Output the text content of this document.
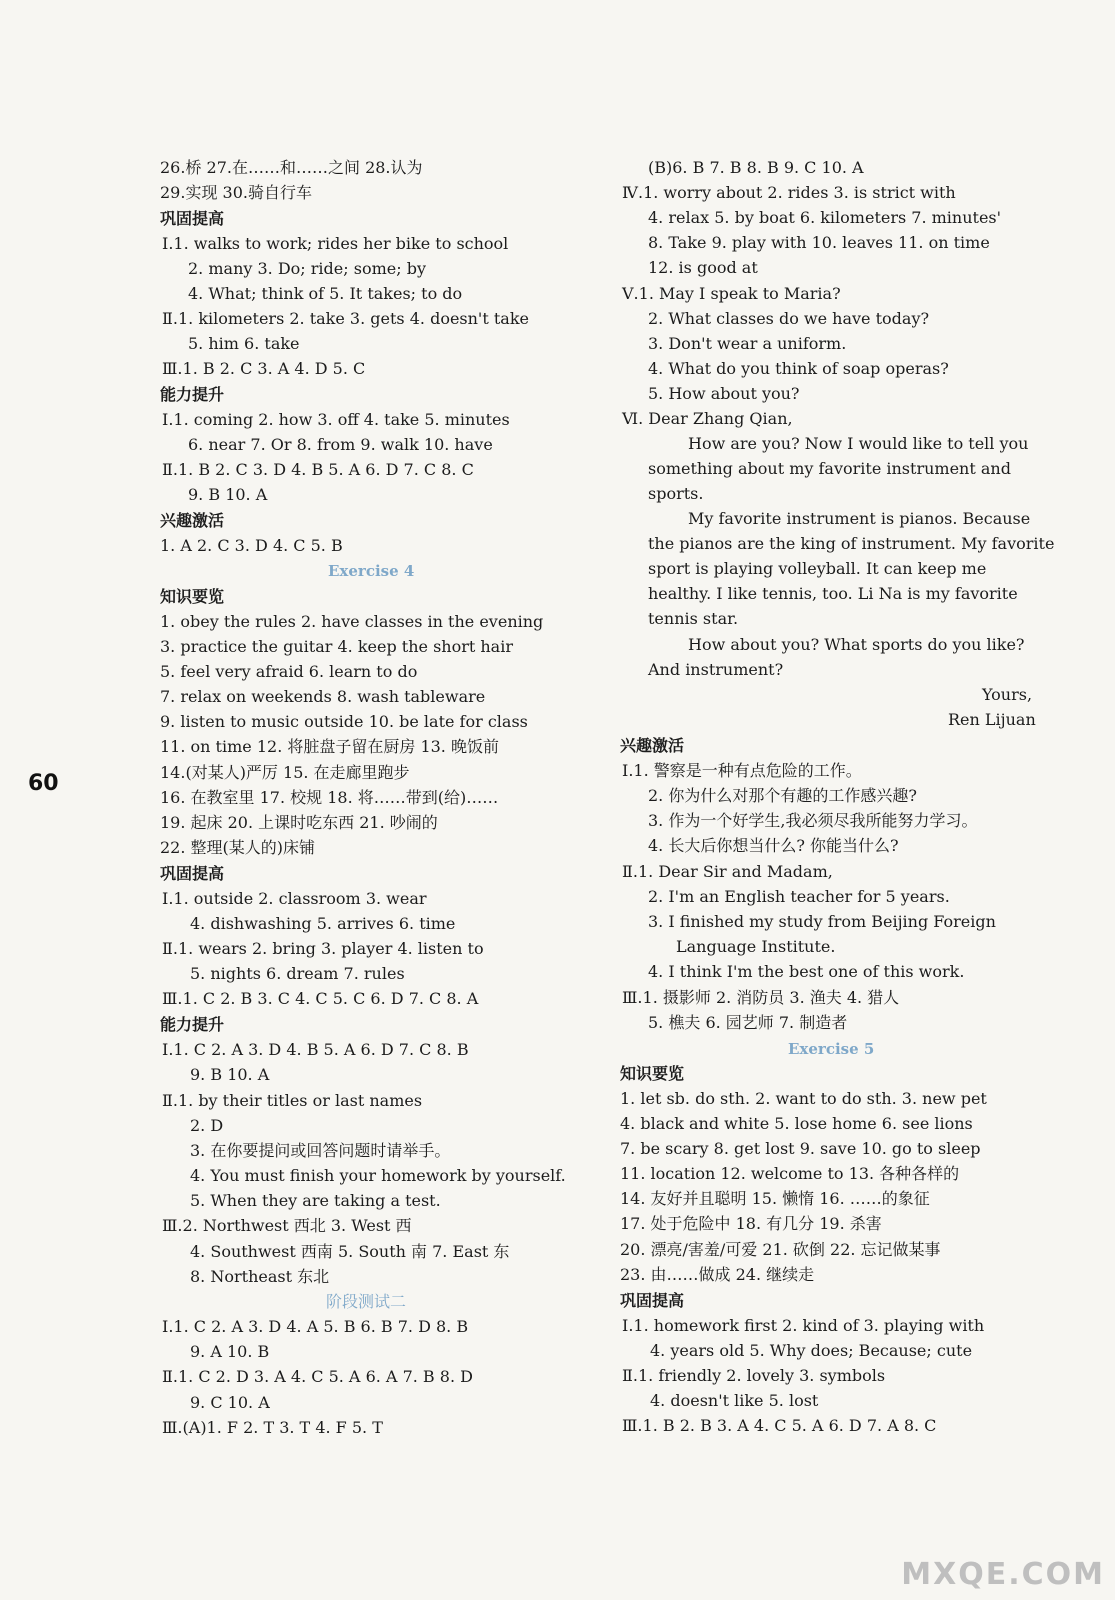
26.桥 27.在……和……之间 28.认为
29.实现 30.骑自行车
巩固提高
Ⅰ.1. walks to work; rides her bike to school
2. many 3. Do; ride; some; by
4. What; think of 5. It takes; to do
Ⅱ.1. kilometers 2. take 3. gets 4. doesn't take
5. him 6. take
Ⅲ.1. B 2. C 3. A 4. D 5. C
能力提升
Ⅰ.1. coming 2. how 3. off 4. take 5. minutes
6. near 7. Or 8. from 9. walk 10. have
Ⅱ.1. B 2. C 3. D 4. B 5. A 6. D 7. C 8. C
9. B 10. A
兴趣激活
1. A 2. C 3. D 4. C 5. B
Exercise 4
知识要览
1. obey the rules 2. have classes in the evening
3. practice the guitar 4. keep the short hair
5. feel very afraid 6. learn to do
7. relax on weekends 8. wash tableware
9. listen to music outside 10. be late for class
11. on time 12. 将脏盘子留在厨房 13. 晚饭前
14.(对某人)严厉 15. 在走廊里跑步
16. 在教室里 17. 校规 18. 将……带到(给)……
19. 起床 20. 上课时吃东西 21. 吵闹的
22. 整理(某人的)床铺
巩固提高
Ⅰ.1. outside 2. classroom 3. wear
4. dishwashing 5. arrives 6. time
Ⅱ.1. wears 2. bring 3. player 4. listen to
5. nights 6. dream 7. rules
Ⅲ.1. C 2. B 3. C 4. C 5. C 6. D 7. C 8. A
能力提升
Ⅰ.1. C 2. A 3. D 4. B 5. A 6. D 7. C 8. B
9. B 10. A
Ⅱ.1. by their titles or last names
2. D
3. 在你要提问或回答问题时请举手。
4. You must finish your homework by yourself.
5. When they are taking a test.
Ⅲ.2. Northwest 西北 3. West 西
4. Southwest 西南 5. South 南 7. East 东
8. Northeast 东北
阶段测试二
Ⅰ.1. C 2. A 3. D 4. A 5. B 6. B 7. D 8. B
9. A 10. B
Ⅱ.1. C 2. D 3. A 4. C 5. A 6. A 7. B 8. D
9. C 10. A
Ⅲ.(A)1. F 2. T 3. T 4. F 5. T
60
(B)6. B 7. B 8. B 9. C 10. A
Ⅳ.1. worry about 2. rides 3. is strict with
4. relax 5. by boat 6. kilometers 7. minutes'
8. Take 9. play with 10. leaves 11. on time
12. is good at
Ⅴ.1. May I speak to Maria?
2. What classes do we have today?
3. Don't wear a uniform.
4. What do you think of soap operas?
5. How about you?
Ⅵ. Dear Zhang Qian,
How are you? Now I would like to tell you
something about my favorite instrument and
sports.
My favorite instrument is pianos. Because
the pianos are the king of instrument. My favorite
sport is playing volleyball. It can keep me
healthy. I like tennis, too. Li Na is my favorite
tennis star.
How about you? What sports do you like?
And instrument?
Yours,
Ren Lijuan
兴趣激活
Ⅰ.1. 警察是一种有点危险的工作。
2. 你为什么对那个有趣的工作感兴趣?
3. 作为一个好学生,我必须尽我所能努力学习。
4. 长大后你想当什么? 你能当什么?
Ⅱ.1. Dear Sir and Madam,
2. I'm an English teacher for 5 years.
3. I finished my study from Beijing Foreign
Language Institute.
4. I think I'm the best one of this work.
Ⅲ.1. 摄影师 2. 消防员 3. 渔夫 4. 猎人
5. 樵夫 6. 园艺师 7. 制造者
Exercise 5
知识要览
1. let sb. do sth. 2. want to do sth. 3. new pet
4. black and white 5. lose home 6. see lions
7. be scary 8. get lost 9. save 10. go to sleep
11. location 12. welcome to 13. 各种各样的
14. 友好并且聪明 15. 懒惰 16. ……的象征
17. 处于危险中 18. 有几分 19. 杀害
20. 漂亮/害羞/可爱 21. 砍倒 22. 忘记做某事
23. 由……做成 24. 继续走
巩固提高
Ⅰ.1. homework first 2. kind of 3. playing with
4. years old 5. Why does; Because; cute
Ⅱ.1. friendly 2. lovely 3. symbols
4. doesn't like 5. lost
Ⅲ.1. B 2. B 3. A 4. C 5. A 6. D 7. A 8. C
MXQE.COM
